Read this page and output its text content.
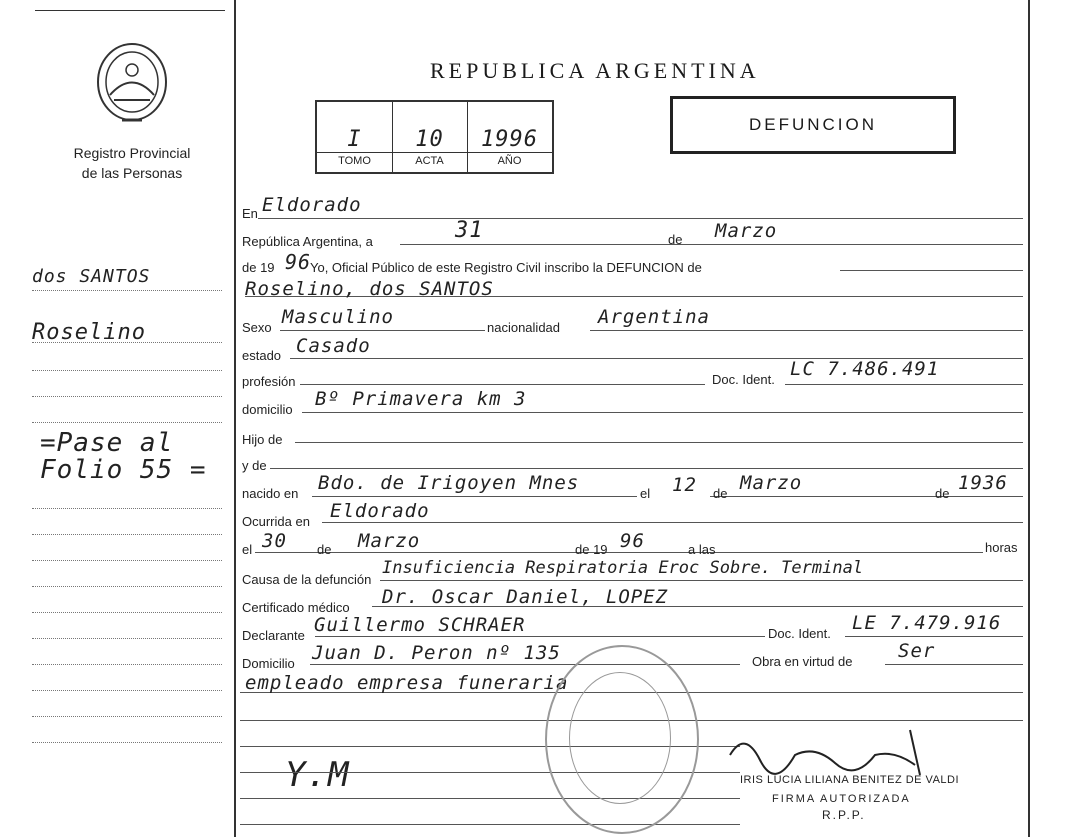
Registro Provincial
de las Personas
dos SANTOS
Roselino
=Pase al
Folio 55 =
Y.M
REPUBLICA ARGENTINA
I	10	1996
TOMO	ACTA	AÑO
DEFUNCION
En Eldorado
República Argentina, a	31	de Marzo
de 19 96
Yo, Oficial Público de este Registro Civil inscribo la DEFUNCION de
Roselino, dos SANTOS
Sexo Masculino	nacionalidad Argentina
estado Casado
profesión	Doc. Ident. LC 7.486.491
domicilio Bº Primavera km 3
Hijo de
y de
nacido en Bdo. de Irigoyen Mnes	el 12 de Marzo	de 1936
Ocurrida en Eldorado
el 30 de Marzo	de 19 96	a las	horas
Causa de la defunción
Insuficiencia Respiratoria Eroc Sobre. Terminal
Certificado médico Dr. Oscar Daniel, LOPEZ
Declarante Guillermo SCHRAER	Doc. Ident. LE 7.479.916
Domicilio Juan D. Peron nº 135	Obra en virtud de Ser
empleado empresa funeraria
IRIS LUCIA LILIANA BENITEZ DE VALDI
FIRMA AUTORIZADA
R.P.P.
